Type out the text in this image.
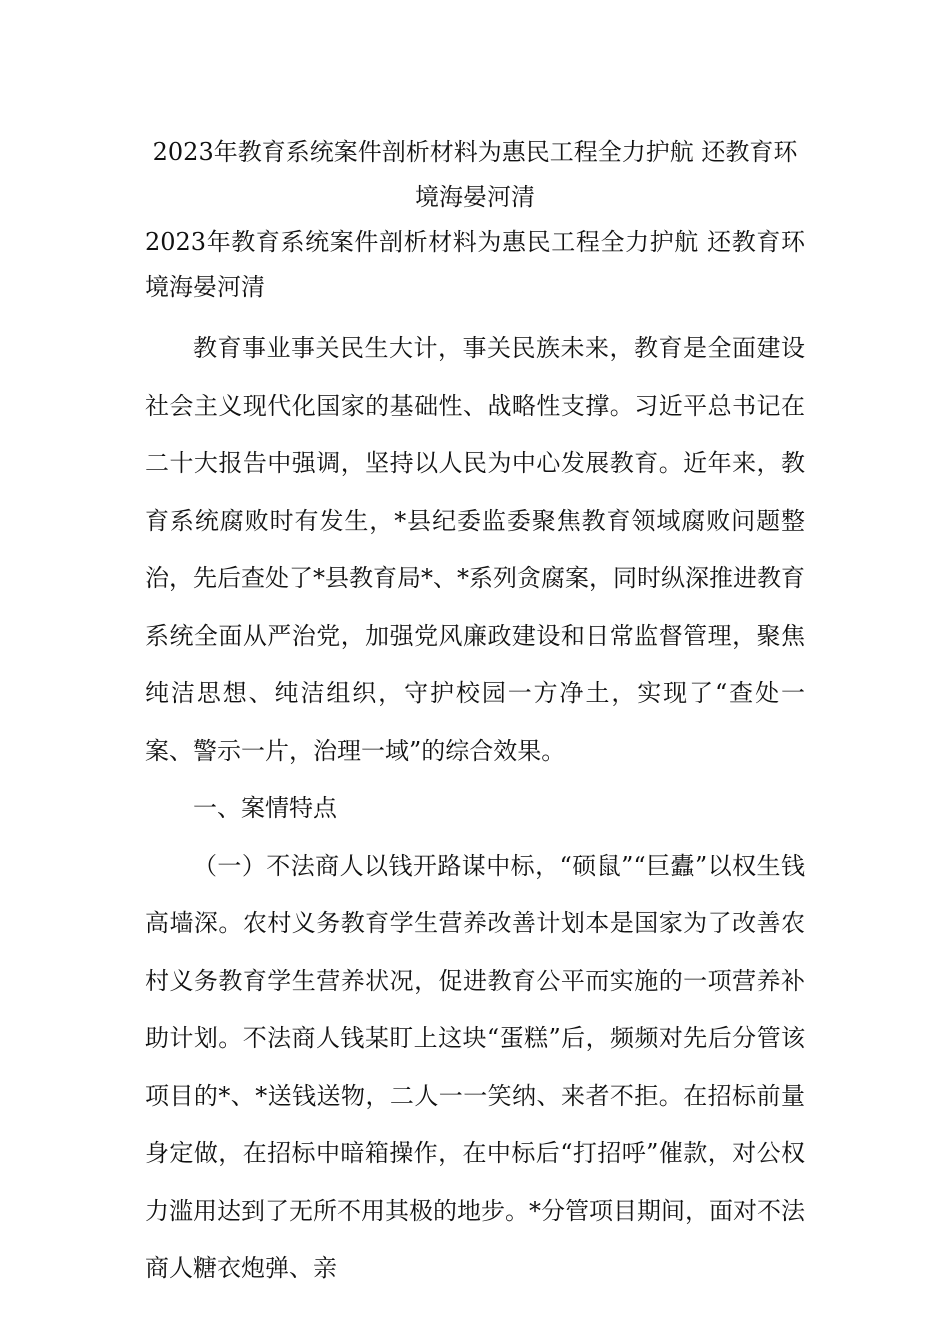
2023年教育系统案件剖析材料为惠民工程全力护航 还教育环境海晏河清
2023年教育系统案件剖析材料为惠民工程全力护航 还教育环境海晏河清

教育事业事关民生大计，事关民族未来，教育是全面建设社会主义现代化国家的基础性、战略性支撑。习近平总书记在二十大报告中强调，坚持以人民为中心发展教育。近年来，教育系统腐败时有发生，*县纪委监委聚焦教育领域腐败问题整治，先后查处了*县教育局*、*系列贪腐案，同时纵深推进教育系统全面从严治党，加强党风廉政建设和日常监督管理，聚焦纯洁思想、纯洁组织，守护校园一方净土，实现了“查处一案、警示一片，治理一域”的综合效果。

一、案情特点

（一）不法商人以钱开路谋中标，“硕鼠”“巨蠹”以权生钱高墙深。农村义务教育学生营养改善计划本是国家为了改善农村义务教育学生营养状况，促进教育公平而实施的一项营养补助计划。不法商人钱某盯上这块“蛋糕”后，频频对先后分管该项目的*、*送钱送物，二人一一笑纳、来者不拒。在招标前量身定做，在招标中暗箱操作，在中标后“打招呼”催款，对公权力滥用达到了无所不用其极的地步。*分管项目期间，面对不法商人糖衣炮弹、亲
